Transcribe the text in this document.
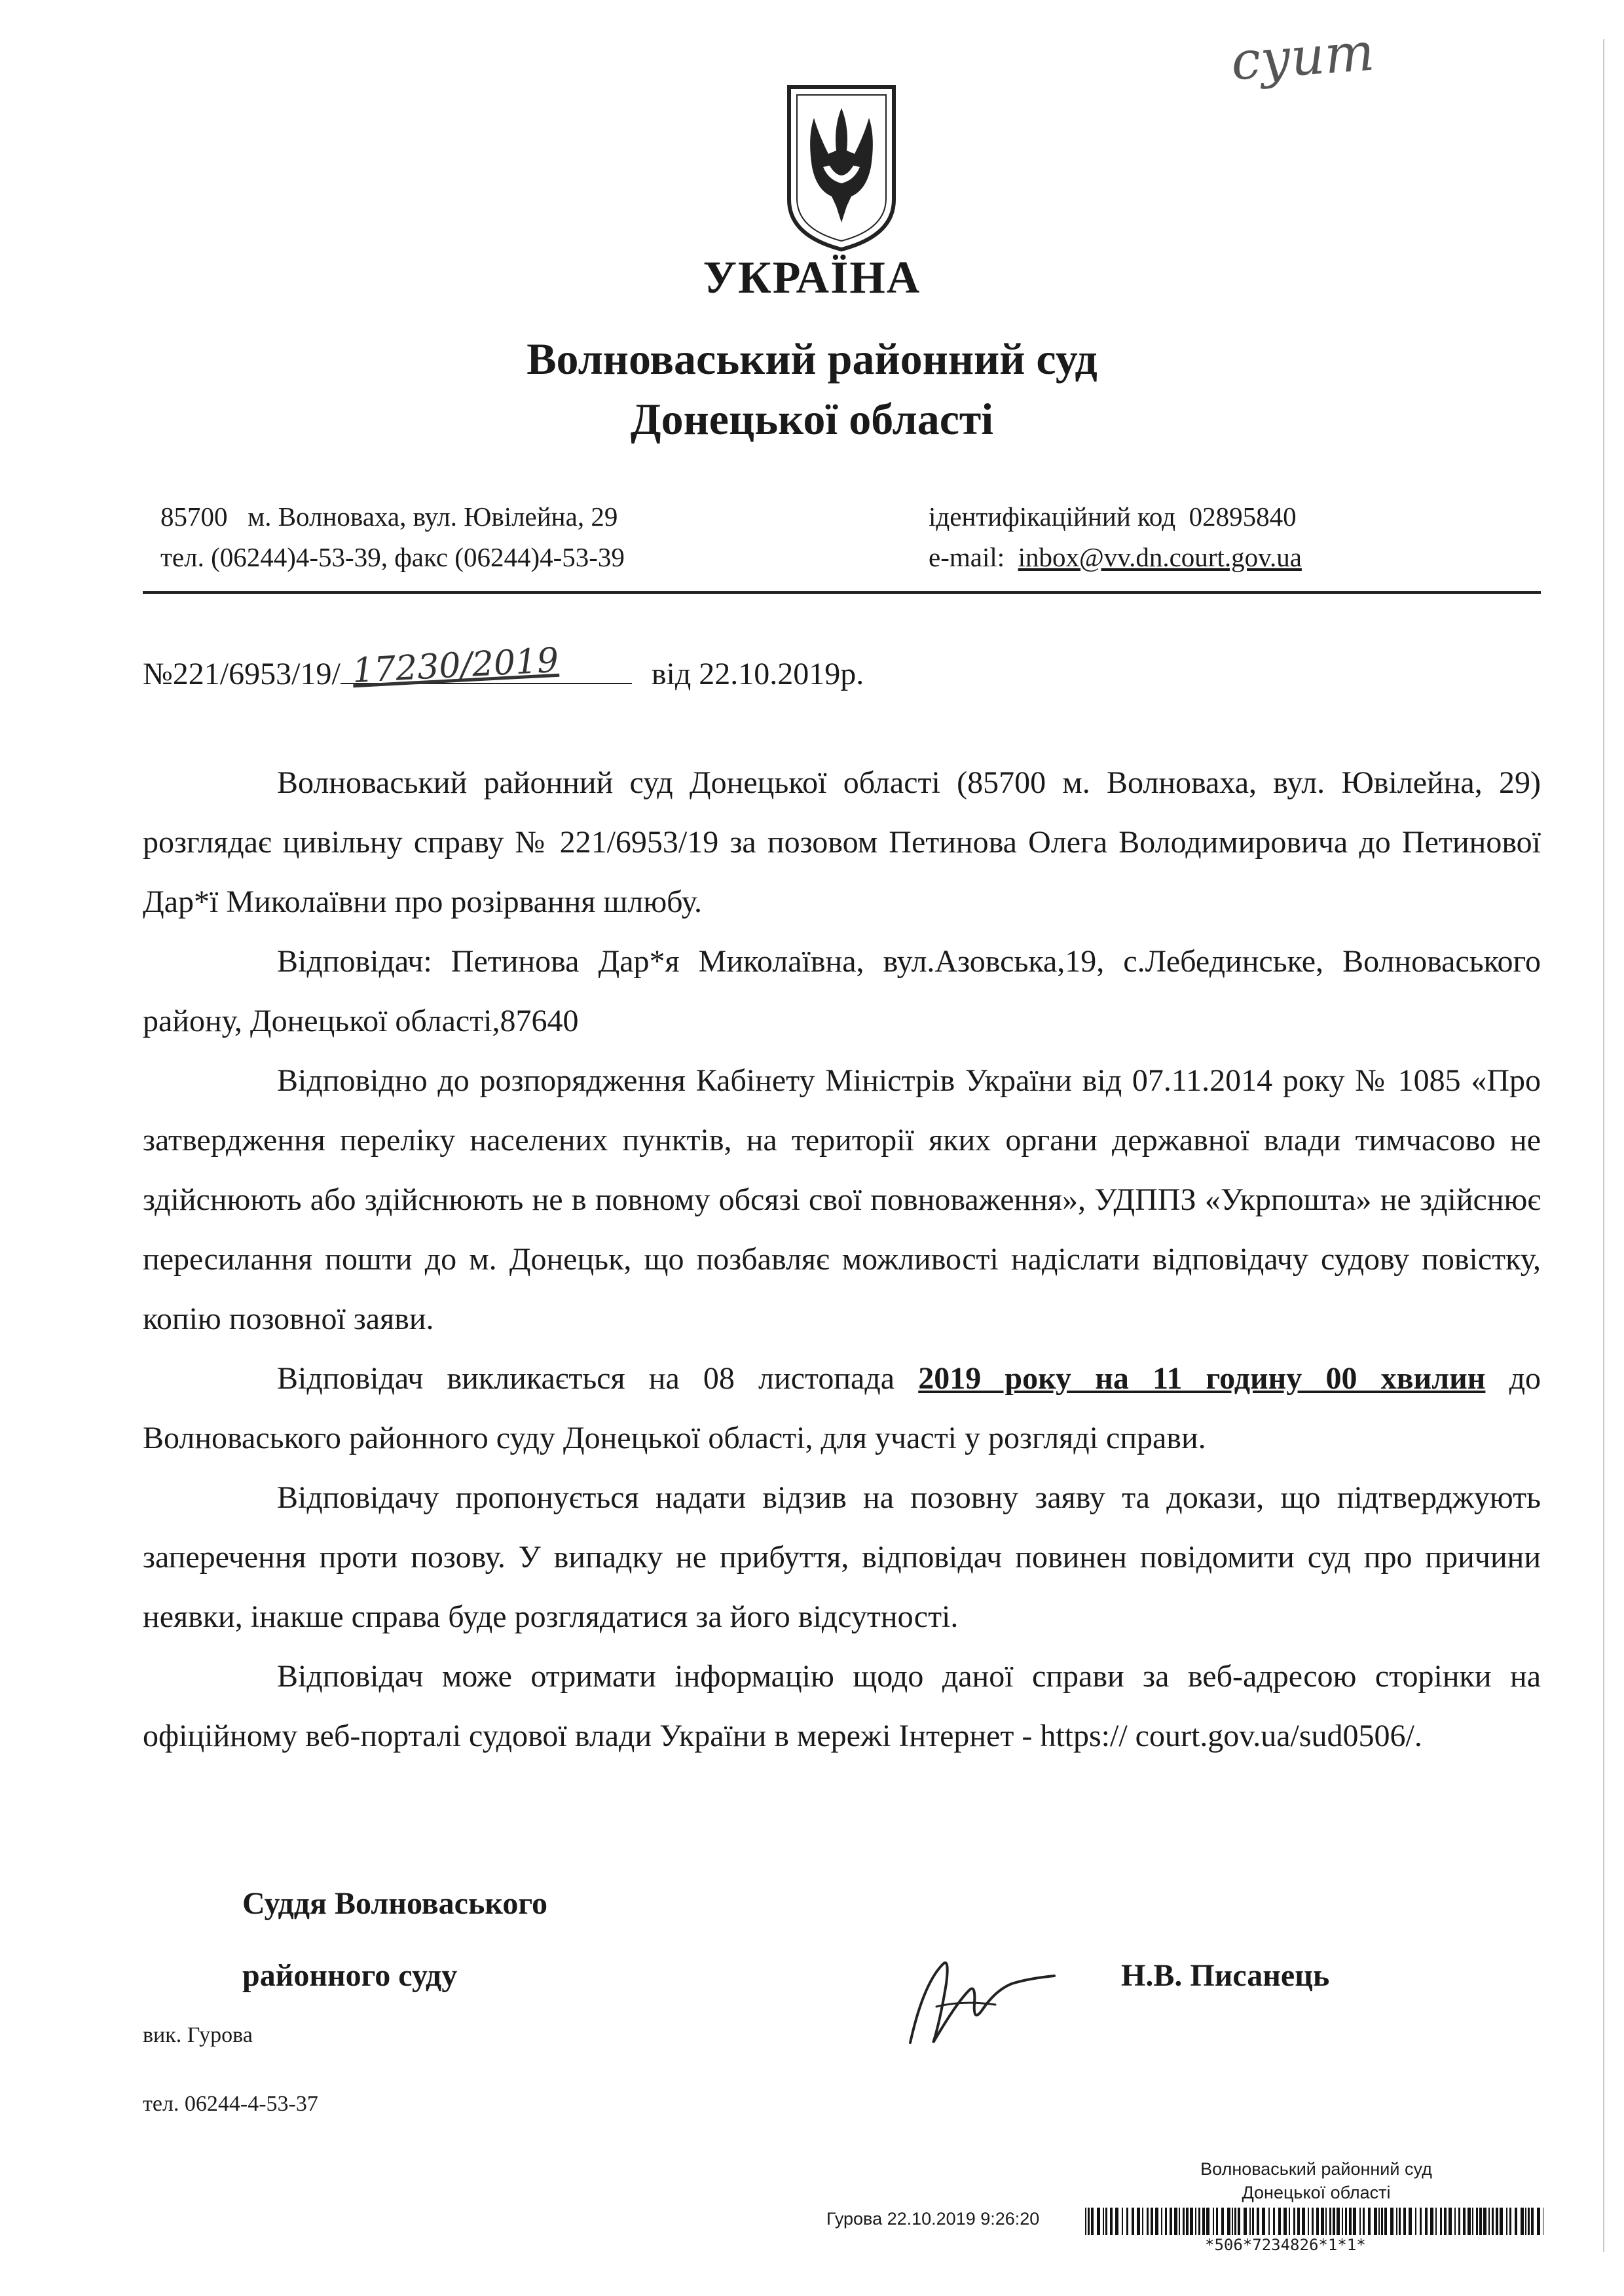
суит
УКРАЇНА
Волноваський районний суд
Донецької області
85700   м. Волноваха, вул. Ювілейна, 29
тел. (06244)4-53-39, факс (06244)4-53-39
ідентифікаційний код  02895840
e-mail:  inbox@vv.dn.court.gov.ua
№221/6953/19/ 17230/2019	від 22.10.2019р.

Волноваський районний суд Донецької області (85700 м. Волноваха, вул. Ювілейна, 29) розглядає цивільну справу № 221/6953/19 за позовом Петинова Олега Володимировича до Петинової Дар*ї Миколаївни про розірвання шлюбу.

Відповідач: Петинова Дар*я Миколаївна, вул.Азовська,19, с.Лебединське, Волноваського району, Донецької області,87640

Відповідно до розпорядження Кабінету Міністрів України від 07.11.2014 року № 1085 «Про затвердження переліку населених пунктів, на території яких органи державної влади тимчасово не здійснюють або здійснюють не в повному обсязі свої повноваження», УДППЗ «Укрпошта» не здійснює пересилання пошти до м. Донецьк, що позбавляє можливості надіслати відповідачу судову повістку, копію позовної заяви.

Відповідач викликається на 08 листопада 2019 року на 11 годину 00 хвилин до Волноваського районного суду Донецької області, для участі у розгляді справи.

Відповідачу пропонується надати відзив на позовну заяву та докази, що підтверджують заперечення проти позову. У випадку не прибуття, відповідач повинен повідомити суд про причини неявки, інакше справа буде розглядатися за його відсутності.

Відповідач може отримати інформацію щодо даної справи за веб-адресою сторінки на офіційному веб-порталі судової влади України в мережі Інтернет - https:// court.gov.ua/sud0506/.

Суддя Волноваського
районного суду	Н.В. Писанець
вик. Гурова
тел. 06244-4-53-37
Волноваський районний суд
Донецької області
Гурова 22.10.2019 9:26:20
*506*7234826*1*1*
